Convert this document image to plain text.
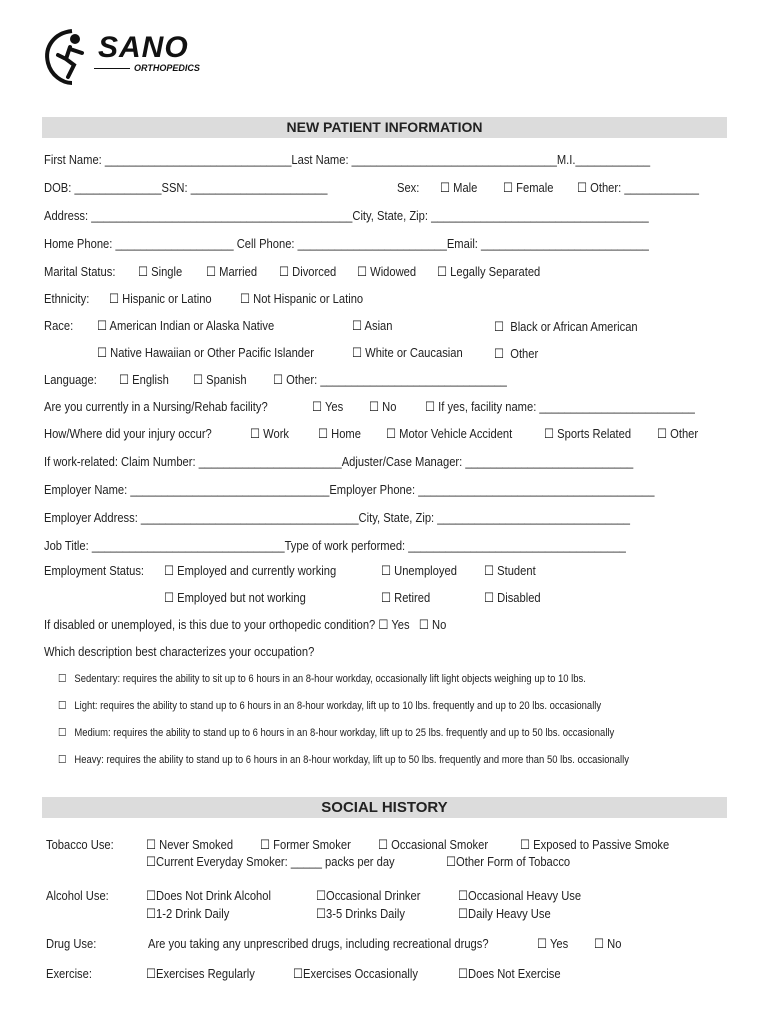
SANO
ORTHOPEDICS
NEW PATIENT INFORMATION
First Name: ______________________________Last Name: _________________________________M.I.____________
DOB: ______________SSN: ______________________	Sex: ☐ Male ☐ Female ☐ Other: ____________
Address: __________________________________________City, State, Zip: ___________________________________
Home Phone: ___________________ Cell Phone: ________________________Email: ___________________________
Marital Status: ☐ Single ☐ Married ☐ Divorced ☐ Widowed ☐ Legally Separated
Ethnicity: ☐ Hispanic or Latino ☐ Not Hispanic or Latino
Race: ☐ American Indian or Alaska Native	☐ Asian	☐ Black or African American
☐ Native Hawaiian or Other Pacific Islander	☐ White or Caucasian ☐ Other
Language: ☐ English ☐ Spanish ☐ Other: ______________________________
Are you currently in a Nursing/Rehab facility?	☐ Yes ☐ No ☐ If yes, facility name: _________________________
How/Where did your injury occur?	☐ Work ☐ Home ☐ Motor Vehicle Accident ☐ Sports Related ☐ Other
If work-related: Claim Number: _______________________Adjuster/Case Manager: ___________________________
Employer Name: ________________________________Employer Phone: ______________________________________
Employer Address: ___________________________________City, State, Zip: _______________________________
Job Title: _______________________________Type of work performed: ___________________________________
Employment Status: ☐ Employed and currently working	☐ Unemployed ☐ Student
☐ Employed but not working	☐ Retired	☐ Disabled
If disabled or unemployed, is this due to your orthopedic condition? ☐ Yes ☐ No
Which description best characterizes your occupation?
☐ Sedentary: requires the ability to sit up to 6 hours in an 8-hour workday, occasionally lift light objects weighing up to 10 lbs.
☐ Light: requires the ability to stand up to 6 hours in an 8-hour workday, lift up to 10 lbs. frequently and up to 20 lbs. occasionally
☐ Medium: requires the ability to stand up to 6 hours in an 8-hour workday, lift up to 25 lbs. frequently and up to 50 lbs. occasionally
☐ Heavy: requires the ability to stand up to 6 hours in an 8-hour workday, lift up to 50 lbs. frequently and more than 50 lbs. occasionally
SOCIAL HISTORY
Tobacco Use: ☐ Never Smoked ☐ Former Smoker ☐ Occasional Smoker ☐ Exposed to Passive Smoke
☐Current Everyday Smoker: _____ packs per day	☐Other Form of Tobacco
Alcohol Use:	☐Does Not Drink Alcohol	☐Occasional Drinker	☐Occasional Heavy Use
☐1-2 Drink Daily	☐3-5 Drinks Daily	☐Daily Heavy Use
Drug Use:	Are you taking any unprescribed drugs, including recreational drugs?	☐ Yes ☐ No
Exercise:	☐Exercises Regularly	☐Exercises Occasionally	☐Does Not Exercise
